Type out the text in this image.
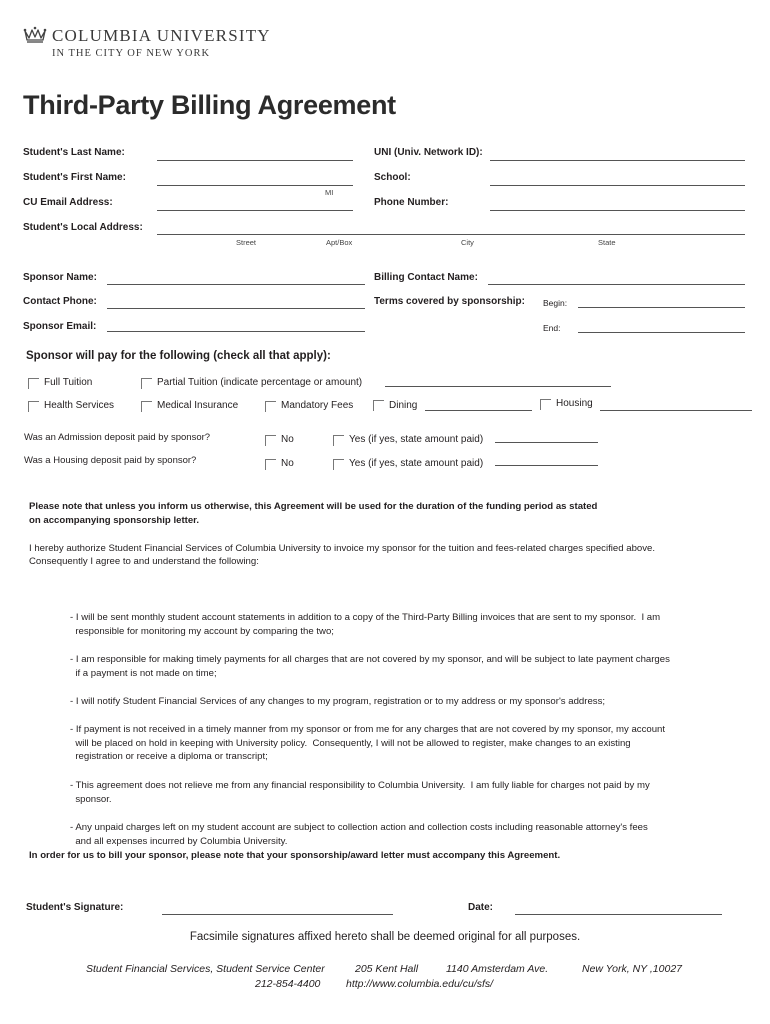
COLUMBIA UNIVERSITY
IN THE CITY OF NEW YORK
Third-Party Billing Agreement
Student's Last Name:	UNI (Univ. Network ID):
Student's First Name:	School:
MI
CU Email Address:	Phone Number:
Student's Local Address:
Street	Apt/Box	City	State
Sponsor Name:	Billing Contact Name:
Contact Phone:	Terms covered by sponsorship: Begin:
Sponsor Email:	End:
Sponsor will pay for the following (check all that apply):
Full Tuition	Partial Tuition (indicate percentage or amount)
Health Services	Medical Insurance	Mandatory Fees	Dining	Housing
Was an Admission deposit paid by sponsor?	No	Yes (if yes, state amount paid)
Was a Housing deposit paid by sponsor?	No	Yes (if yes, state amount paid)
Please note that unless you inform us otherwise, this Agreement will be used for the duration of the funding period as stated
on accompanying sponsorship letter.
I hereby authorize Student Financial Services of Columbia University to invoice my sponsor for the tuition and fees-related charges specified above.
Consequently I agree to and understand the following:

- I will be sent monthly student account statements in addition to a copy of the Third-Party Billing invoices that are sent to my sponsor.  I am
responsible for monitoring my account by comparing the two;

- I am responsible for making timely payments for all charges that are not covered by my sponsor, and will be subject to late payment charges
if a payment is not made on time;

- I will notify Student Financial Services of any changes to my program, registration or to my address or my sponsor's address;

- If payment is not received in a timely manner from my sponsor or from me for any charges that are not covered by my sponsor, my account
will be placed on hold in keeping with University policy.  Consequently, I will not be allowed to register, make changes to an existing
registration or receive a diploma or transcript;

- This agreement does not relieve me from any financial responsibility to Columbia University.  I am fully liable for charges not paid by my
sponsor.

- Any unpaid charges left on my student account are subject to collection action and collection costs including reasonable attorney's fees
and all expenses incurred by Columbia University.

In order for us to bill your sponsor, please note that your sponsorship/award letter must accompany this Agreement.
Student's Signature:	Date:
Facsimile signatures affixed hereto shall be deemed original for all purposes.
Student Financial Services, Student Service Center	205 Kent Hall	1140 Amsterdam Ave.	New York, NY ,10027
212-854-4400 http://www.columbia.edu/cu/sfs/
